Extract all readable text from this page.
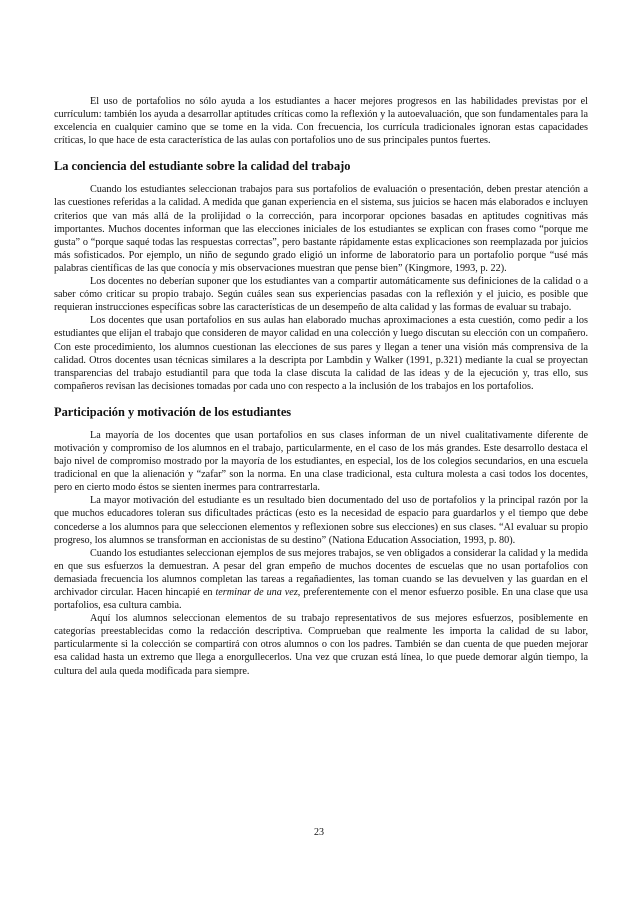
El uso de portafolios no sólo ayuda a los estudiantes a hacer mejores progresos en las habilidades previstas por el currículum: también los ayuda a desarrollar aptitudes críticas como la reflexión y la autoevaluación, que son fundamentales para la excelencia en cualquier camino que se tome en la vida. Con frecuencia, los currícula tradicionales ignoran estas capacidades críticas, lo que hace de esta característica de las aulas con portafolios uno de sus principales puntos fuertes.

La conciencia del estudiante sobre la calidad del trabajo

Cuando los estudiantes seleccionan trabajos para sus portafolios de evaluación o presentación, deben prestar atención a las cuestiones referidas a la calidad. A medida que ganan experiencia en el sistema, sus juicios se hacen más elaborados e incluyen criterios que van más allá de la prolijidad o la corrección, para incorporar opciones basadas en aptitudes cognitivas más importantes. Muchos docentes informan que las elecciones iniciales de los estudiantes se explican con frases como “porque me gusta” o “porque saqué todas las respuestas correctas”, pero bastante rápidamente estas explicaciones son reemplazada por juicios más sofisticados. Por ejemplo, un niño de segundo grado eligió un informe de laboratorio para un portafolio porque “usé más palabras científicas de las que conocía y mis observaciones muestran que pense bien” (Kingmore, 1993, p. 22).

Los docentes no deberían suponer que los estudiantes van a compartir automáticamente sus definiciones de la calidad o a saber cómo criticar su propio trabajo. Según cuáles sean sus experiencias pasadas con la reflexión y el juicio, es posible que requieran instrucciones específicas sobre las características de un desempeño de alta calidad y las formas de evaluar su trabajo.

Los docentes que usan portafolios en sus aulas han elaborado muchas aproximaciones a esta cuestión, como pedir a los estudiantes que elijan el trabajo que consideren de mayor calidad en una colección y luego discutan su elección con un compañero. Con este procedimiento, los alumnos cuestionan las elecciones de sus pares y llegan a tener una visión más comprensiva de la calidad. Otros docentes usan técnicas similares a la descripta por Lambdin y Walker (1991, p.321) mediante la cual se proyectan transparencias del trabajo estudiantil para que toda la clase discuta la calidad de las ideas y de la ejecución y, tras ello, sus compañeros revisan las decisiones tomadas por cada uno con respecto a la inclusión de los trabajos en los portafolios.

Participación y motivación de los estudiantes

La mayoría de los docentes que usan portafolios en sus clases informan de un nivel cualitativamente diferente de motivación y compromiso de los alumnos en el trabajo, particularmente, en el caso de los más grandes. Este desarrollo destaca el bajo nivel de compromiso mostrado por la mayoría de los estudiantes, en especial, los de los colegios secundarios, en una escuela tradicional en que la alienación y “zafar” son la norma. En una clase tradicional, esta cultura molesta a casi todos los docentes, pero en cierto modo éstos se sienten inermes para contrarrestarla.

La mayor motivación del estudiante es un resultado bien documentado del uso de portafolios y la principal razón por la que muchos educadores toleran sus dificultades prácticas (esto es la necesidad de espacio para guardarlos y el tiempo que debe concederse a los alumnos para que seleccionen elementos y reflexionen sobre sus elecciones) en sus clases. “Al evaluar su propio progreso, los alumnos se transforman en accionistas de su destino” (Nationa Education Association, 1993, p. 80).

Cuando los estudiantes seleccionan ejemplos de sus mejores trabajos, se ven obligados a considerar la calidad y la medida en que sus esfuerzos la demuestran. A pesar del gran empeño de muchos docentes de escuelas que no usan portafolios con demasiada frecuencia los alumnos completan las tareas a regañadientes, las toman cuando se las devuelven y las guardan en el archivador circular. Hacen hincapié en terminar de una vez, preferentemente con el menor esfuerzo posible. En una clase que usa portafolios, esa cultura cambia.

Aquí los alumnos seleccionan elementos de su trabajo representativos de sus mejores esfuerzos, posiblemente en categorías preestablecidas como la redacción descriptiva. Comprueban que realmente les importa la calidad de su labor, particularmente si la colección se compartirá con otros alumnos o con los padres. También se dan cuenta de que pueden mejorar esa calidad hasta un extremo que llega a enorgullecerlos. Una vez que cruzan está línea, lo que puede demorar algún tiempo, la cultura del aula queda modificada para siempre.

23
